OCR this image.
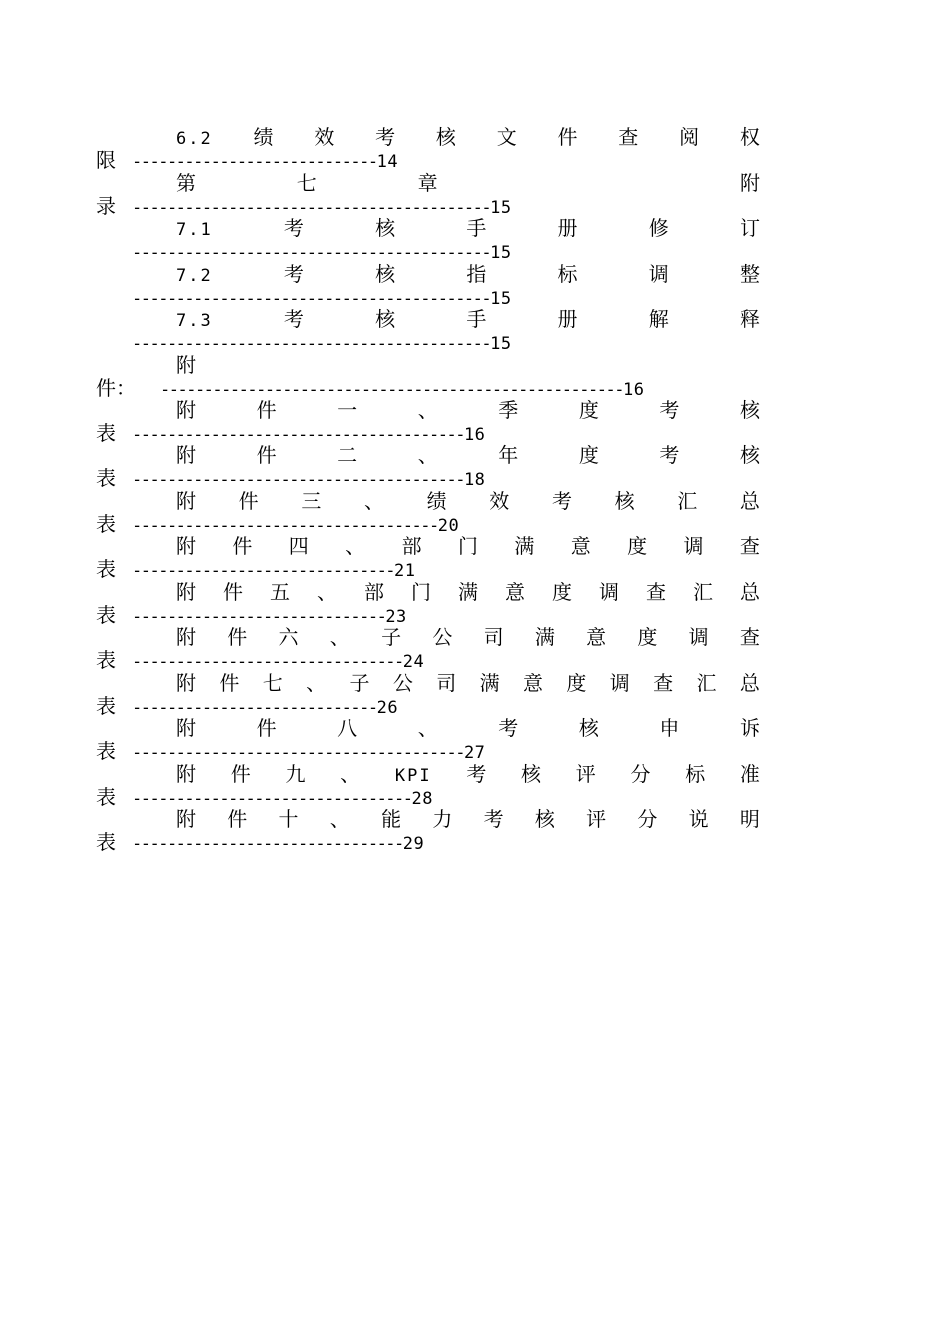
6.2 绩 效 考 核 文 件 查 阅 权
限 ----------------------------14
第	七	章	附
录 -----------------------------------------15
7.1	考	核	手	册	修	订
-----------------------------------------15
7.2	考	核	指	标	调	整
-----------------------------------------15
7.3	考	核	手	册	解	释
-----------------------------------------15
附
件： -----------------------------------------------------16
附	件	一	、	季	度	考	核
表 --------------------------------------16
附	件	二	、	年	度	考	核
表 --------------------------------------18
附 件 三 、 绩 效 考 核 汇 总
表 -----------------------------------20
附 件 四 、 部 门 满 意 度 调 查
表 ------------------------------21
附 件 五 、 部 门 满 意 度 调 查 汇 总
表 -----------------------------23
附 件 六 、 子 公 司 满 意 度 调 查
表 -------------------------------24
附 件 七 、 子 公 司 满 意 度 调 查 汇 总
表 ----------------------------26
附	件	八	、	考	核	申	诉
表 --------------------------------------27
附 件 九 、 KPI 考 核 评 分 标 准
表 --------------------------------28
附 件 十 、 能 力 考 核 评 分 说 明
表 -------------------------------29
